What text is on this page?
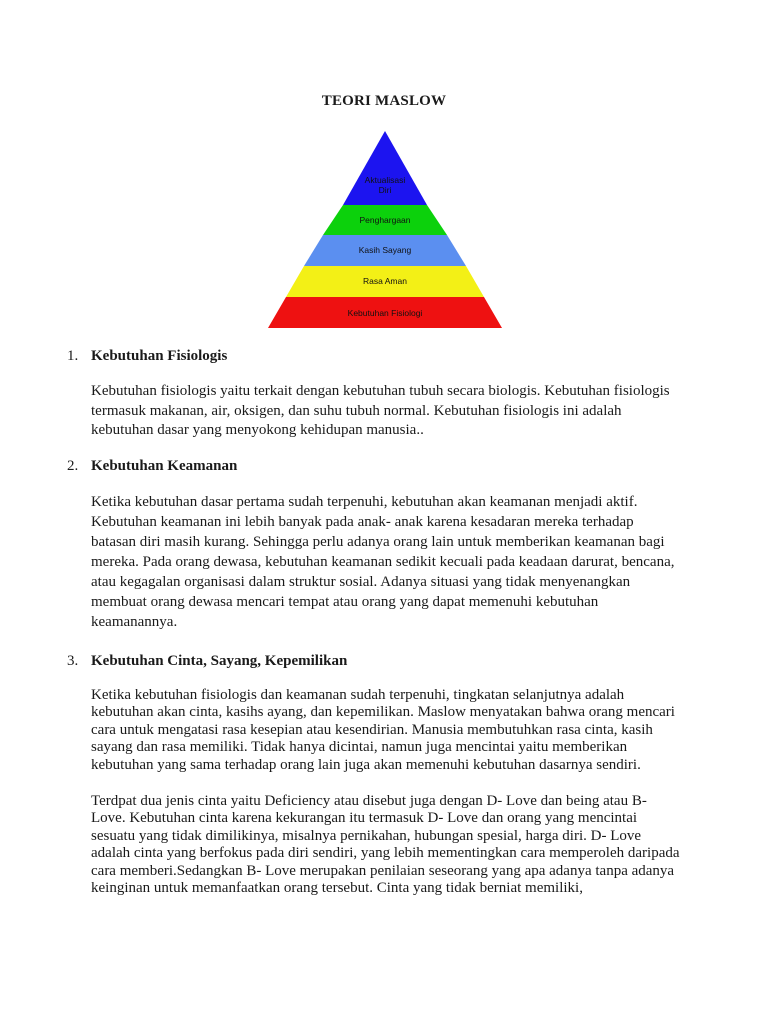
TEORI MASLOW
Aktualisasi
Diri
Penghargaan
Kasih Sayang
Rasa Aman
Kebutuhan Fisiologi
1. Kebutuhan Fisiologis

Kebutuhan fisiologis yaitu terkait dengan kebutuhan tubuh secara biologis. Kebutuhan fisiologis termasuk makanan, air, oksigen, dan suhu tubuh normal. Kebutuhan fisiologis ini adalah kebutuhan dasar yang menyokong kehidupan manusia..

2. Kebutuhan Keamanan

Ketika kebutuhan dasar pertama sudah terpenuhi, kebutuhan akan keamanan menjadi aktif. Kebutuhan keamanan ini lebih banyak pada anak- anak karena kesadaran mereka terhadap batasan diri masih kurang. Sehingga perlu adanya orang lain untuk memberikan keamanan bagi mereka. Pada orang dewasa, kebutuhan keamanan sedikit kecuali pada keadaan darurat, bencana, atau kegagalan organisasi dalam struktur sosial. Adanya situasi yang tidak menyenangkan membuat orang dewasa mencari tempat atau orang yang dapat memenuhi kebutuhan keamanannya.

3. Kebutuhan Cinta, Sayang, Kepemilikan

Ketika kebutuhan fisiologis dan keamanan sudah terpenuhi, tingkatan selanjutnya adalah kebutuhan akan cinta, kasihs ayang, dan kepemilikan. Maslow menyatakan bahwa orang mencari cara untuk mengatasi rasa kesepian atau kesendirian. Manusia membutuhkan rasa cinta, kasih sayang dan rasa memiliki. Tidak hanya dicintai, namun juga mencintai yaitu memberikan kebutuhan yang sama terhadap orang lain juga akan memenuhi kebutuhan dasarnya sendiri.

Terdpat dua jenis cinta yaitu Deficiency atau disebut juga dengan D- Love dan being atau B-Love. Kebutuhan cinta karena kekurangan itu termasuk D- Love dan orang yang mencintai sesuatu yang tidak dimilikinya, misalnya pernikahan, hubungan spesial, harga diri. D- Love adalah cinta yang berfokus pada diri sendiri, yang lebih mementingkan cara memperoleh daripada cara memberi.Sedangkan B- Love merupakan penilaian seseorang yang apa adanya tanpa adanya keinginan untuk memanfaatkan orang tersebut. Cinta yang tidak berniat memiliki,
